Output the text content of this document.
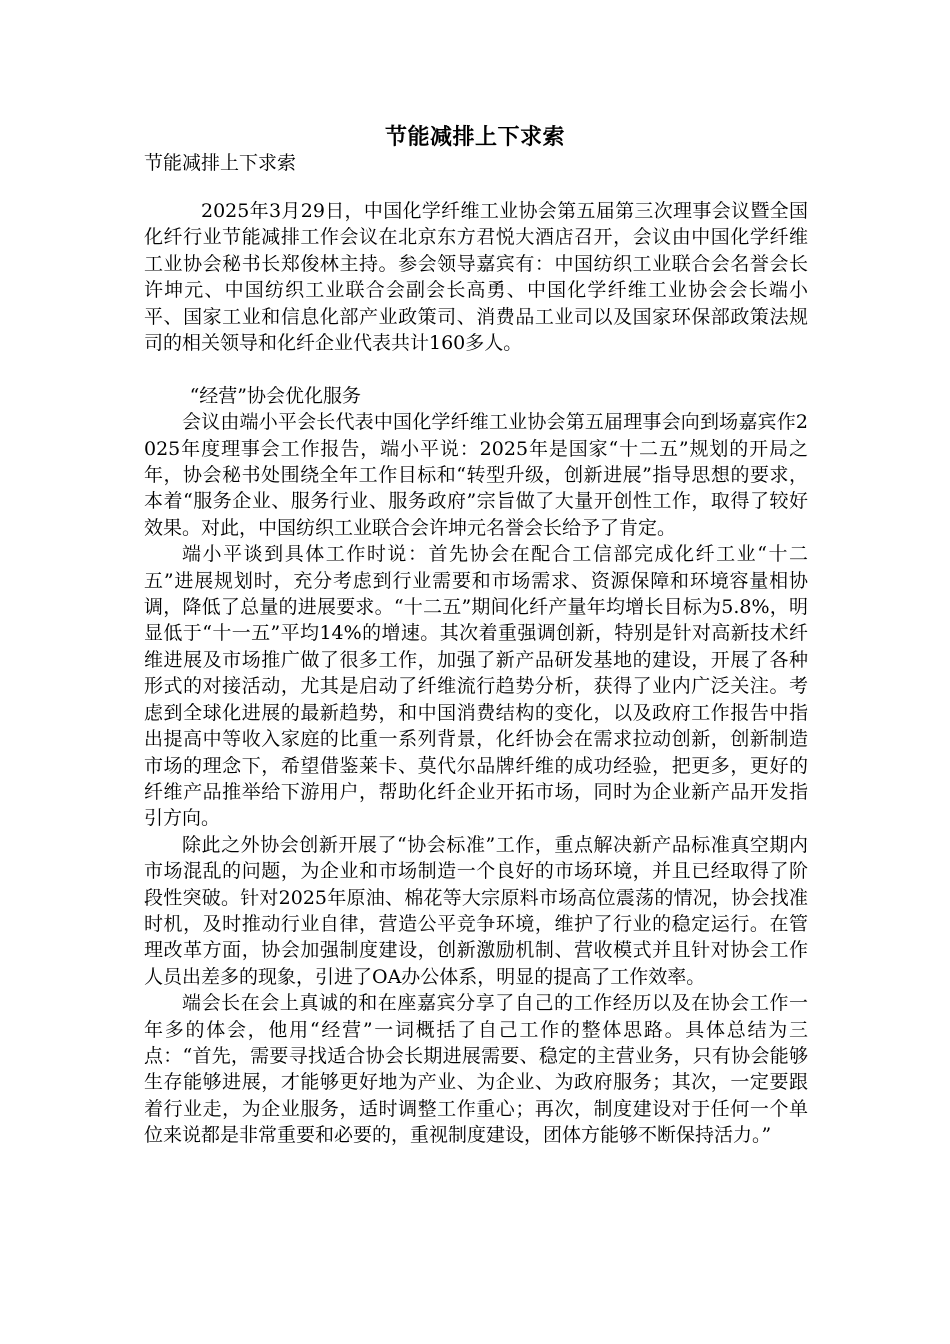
节能减排上下求索
节能减排上下求索

2025年3月29日，中国化学纤维工业协会第五届第三次理事会议暨全国化纤行业节能减排工作会议在北京东方君悦大酒店召开，会议由中国化学纤维工业协会秘书长郑俊林主持。参会领导嘉宾有：中国纺织工业联合会名誉会长许坤元、中国纺织工业联合会副会长高勇、中国化学纤维工业协会会长端小平、国家工业和信息化部产业政策司、消费品工业司以及国家环保部政策法规司的相关领导和化纤企业代表共计160多人。

“经营”协会优化服务

会议由端小平会长代表中国化学纤维工业协会第五届理事会向到场嘉宾作2025年度理事会工作报告，端小平说：2025年是国家“十二五”规划的开局之年，协会秘书处围绕全年工作目标和“转型升级，创新进展”指导思想的要求，本着“服务企业、服务行业、服务政府”宗旨做了大量开创性工作，取得了较好效果。对此，中国纺织工业联合会许坤元名誉会长给予了肯定。

端小平谈到具体工作时说：首先协会在配合工信部完成化纤工业“十二五”进展规划时，充分考虑到行业需要和市场需求、资源保障和环境容量相协调，降低了总量的进展要求。“十二五”期间化纤产量年均增长目标为5.8%，明显低于“十一五”平均14%的增速。其次着重强调创新，特别是针对高新技术纤维进展及市场推广做了很多工作，加强了新产品研发基地的建设，开展了各种形式的对接活动，尤其是启动了纤维流行趋势分析，获得了业内广泛关注。考虑到全球化进展的最新趋势，和中国消费结构的变化，以及政府工作报告中指出提高中等收入家庭的比重一系列背景，化纤协会在需求拉动创新，创新制造市场的理念下，希望借鉴莱卡、莫代尔品牌纤维的成功经验，把更多，更好的纤维产品推举给下游用户，帮助化纤企业开拓市场，同时为企业新产品开发指引方向。

除此之外协会创新开展了“协会标准”工作，重点解决新产品标准真空期内市场混乱的问题，为企业和市场制造一个良好的市场环境，并且已经取得了阶段性突破。针对2025年原油、棉花等大宗原料市场高位震荡的情况，协会找准时机，及时推动行业自律，营造公平竞争环境，维护了行业的稳定运行。在管理改革方面，协会加强制度建设，创新激励机制、营收模式并且针对协会工作人员出差多的现象，引进了OA办公体系，明显的提高了工作效率。

端会长在会上真诚的和在座嘉宾分享了自己的工作经历以及在协会工作一年多的体会，他用“经营”一词概括了自己工作的整体思路。具体总结为三点：“首先，需要寻找适合协会长期进展需要、稳定的主营业务，只有协会能够生存能够进展，才能够更好地为产业、为企业、为政府服务；其次，一定要跟着行业走，为企业服务，适时调整工作重心；再次，制度建设对于任何一个单位来说都是非常重要和必要的，重视制度建设，团体方能够不断保持活力。”
